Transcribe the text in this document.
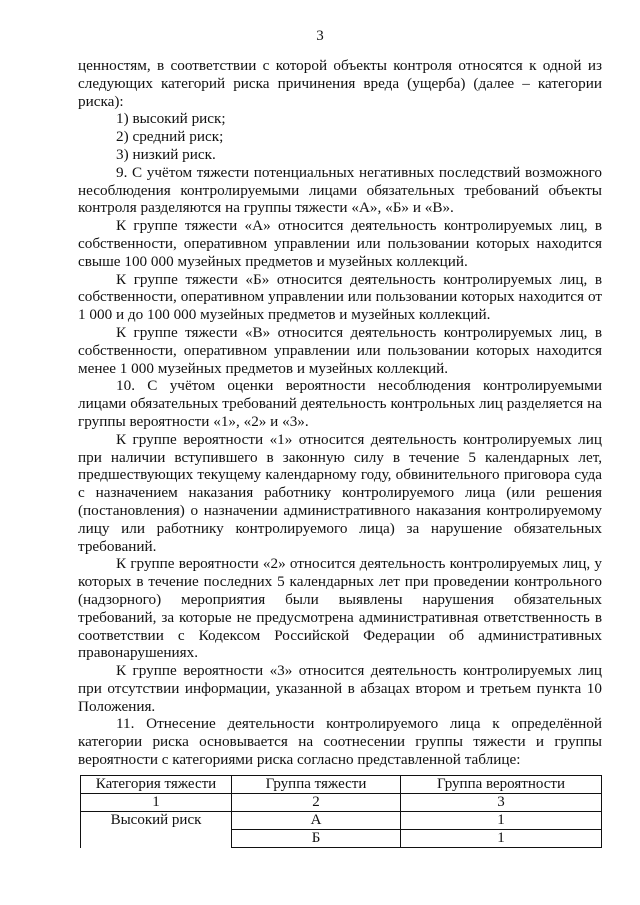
3

ценностям, в соответствии с которой объекты контроля относятся к одной из следующих категорий риска причинения вреда (ущерба) (далее – категории риска):

1) высокий риск;

2) средний риск;

3) низкий риск.

9. С учётом тяжести потенциальных негативных последствий возможного несоблюдения контролируемыми лицами обязательных требований объекты контроля разделяются на группы тяжести «А», «Б» и «В».

К группе тяжести «А» относится деятельность контролируемых лиц, в собственности, оперативном управлении или пользовании которых находится свыше 100 000 музейных предметов и музейных коллекций.

К группе тяжести «Б» относится деятельность контролируемых лиц, в собственности, оперативном управлении или пользовании которых находится от 1 000 и до 100 000 музейных предметов и музейных коллекций.

К группе тяжести «В» относится деятельность контролируемых лиц, в собственности, оперативном управлении или пользовании которых находится менее 1 000 музейных предметов и музейных коллекций.

10. С учётом оценки вероятности несоблюдения контролируемыми лицами обязательных требований деятельность контрольных лиц разделяется на группы вероятности «1», «2» и «3».

К группе вероятности «1» относится деятельность контролируемых лиц при наличии вступившего в законную силу в течение 5 календарных лет, предшествующих текущему календарному году, обвинительного приговора суда с назначением наказания работнику контролируемого лица (или решения (постановления) о назначении административного наказания контролируемому лицу или работнику контролируемого лица) за нарушение обязательных требований.

К группе вероятности «2» относится деятельность контролируемых лиц, у которых в течение последних 5 календарных лет при проведении контрольного (надзорного) мероприятия были выявлены нарушения обязательных требований, за которые не предусмотрена административная ответственность в соответствии с Кодексом Российской Федерации об административных правонарушениях.

К группе вероятности «3» относится деятельность контролируемых лиц при отсутствии информации, указанной в абзацах втором и третьем пункта 10 Положения.

11. Отнесение деятельности контролируемого лица к определённой категории риска основывается на соотнесении группы тяжести и группы вероятности с категориями риска согласно представленной таблице:

Категория тяжести	Группа тяжести	Группа вероятности
1	2	3
Высокий риск	А	1
	Б	1
